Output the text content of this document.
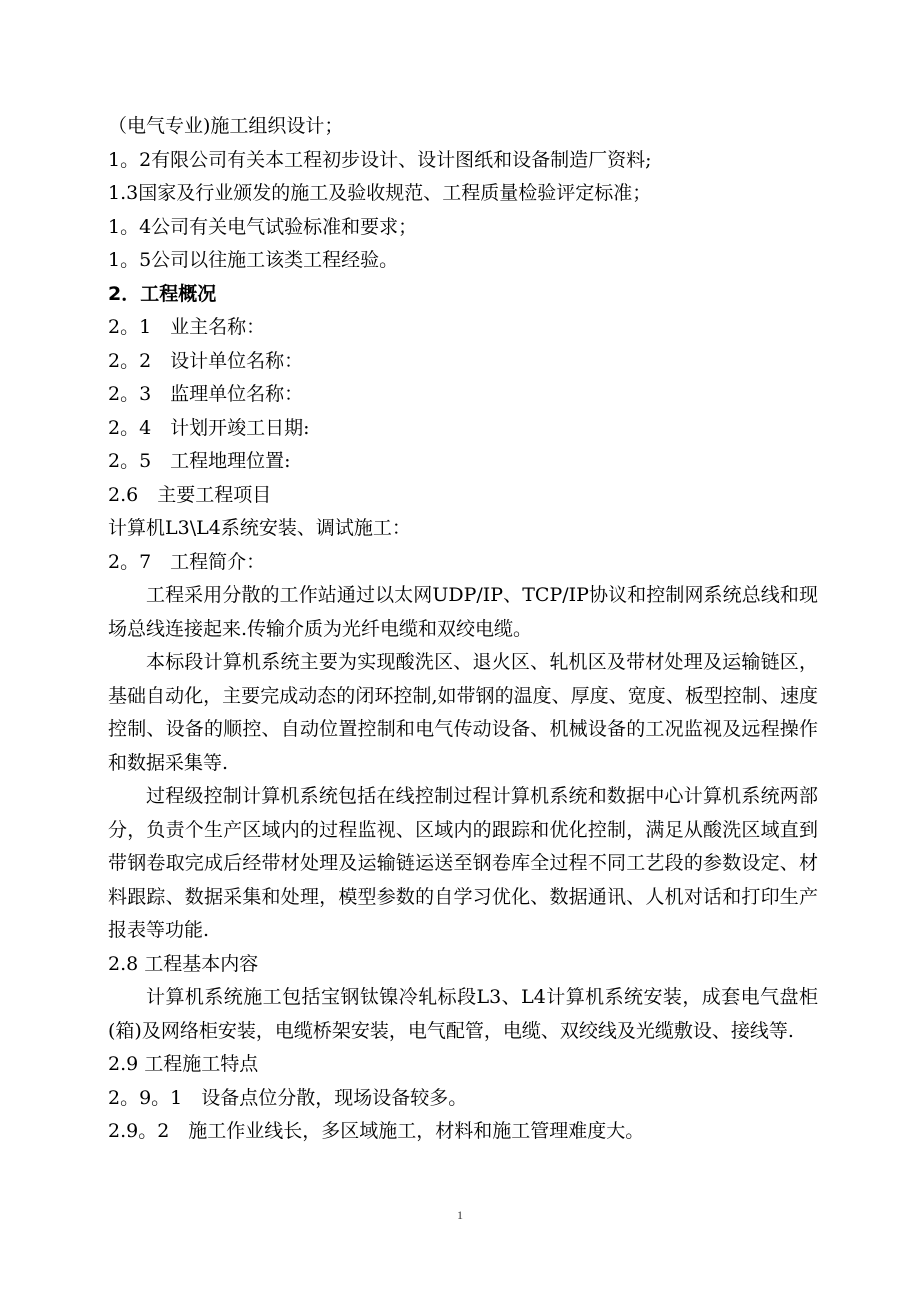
（电气专业)施工组织设计；
1。2有限公司有关本工程初步设计、设计图纸和设备制造厂资料;
1.3国家及行业颁发的施工及验收规范、工程质量检验评定标准；
1。4公司有关电气试验标准和要求；
1。5公司以往施工该类工程经验。
2．工程概况
2。1　业主名称：
2。2　设计单位名称：
2。3　监理单位名称：
2。4　计划开竣工日期:
2。5　工程地理位置:
2.6　主要工程项目
计算机L3\L4系统安装、调试施工：
2。7　工程简介：
工程采用分散的工作站通过以太网UDP/IP、TCP/IP协议和控制网系统总线和现场总线连接起来.传输介质为光纤电缆和双绞电缆。
本标段计算机系统主要为实现酸洗区、退火区、轧机区及带材处理及运输链区，基础自动化，主要完成动态的闭环控制,如带钢的温度、厚度、宽度、板型控制、速度控制、设备的顺控、自动位置控制和电气传动设备、机械设备的工况监视及远程操作和数据采集等.
过程级控制计算机系统包括在线控制过程计算机系统和数据中心计算机系统两部分，负责个生产区域内的过程监视、区域内的跟踪和优化控制，满足从酸洗区域直到带钢卷取完成后经带材处理及运输链运送至钢卷库全过程不同工艺段的参数设定、材料跟踪、数据采集和处理，模型参数的自学习优化、数据通讯、人机对话和打印生产报表等功能.
2.8 工程基本内容
计算机系统施工包括宝钢钛镍冷轧标段L3、L4计算机系统安装，成套电气盘柜(箱)及网络柜安装，电缆桥架安装，电气配管，电缆、双绞线及光缆敷设、接线等.
2.9 工程施工特点
2。9。1　设备点位分散，现场设备较多。
2.9。2　施工作业线长，多区域施工，材料和施工管理难度大。
1
